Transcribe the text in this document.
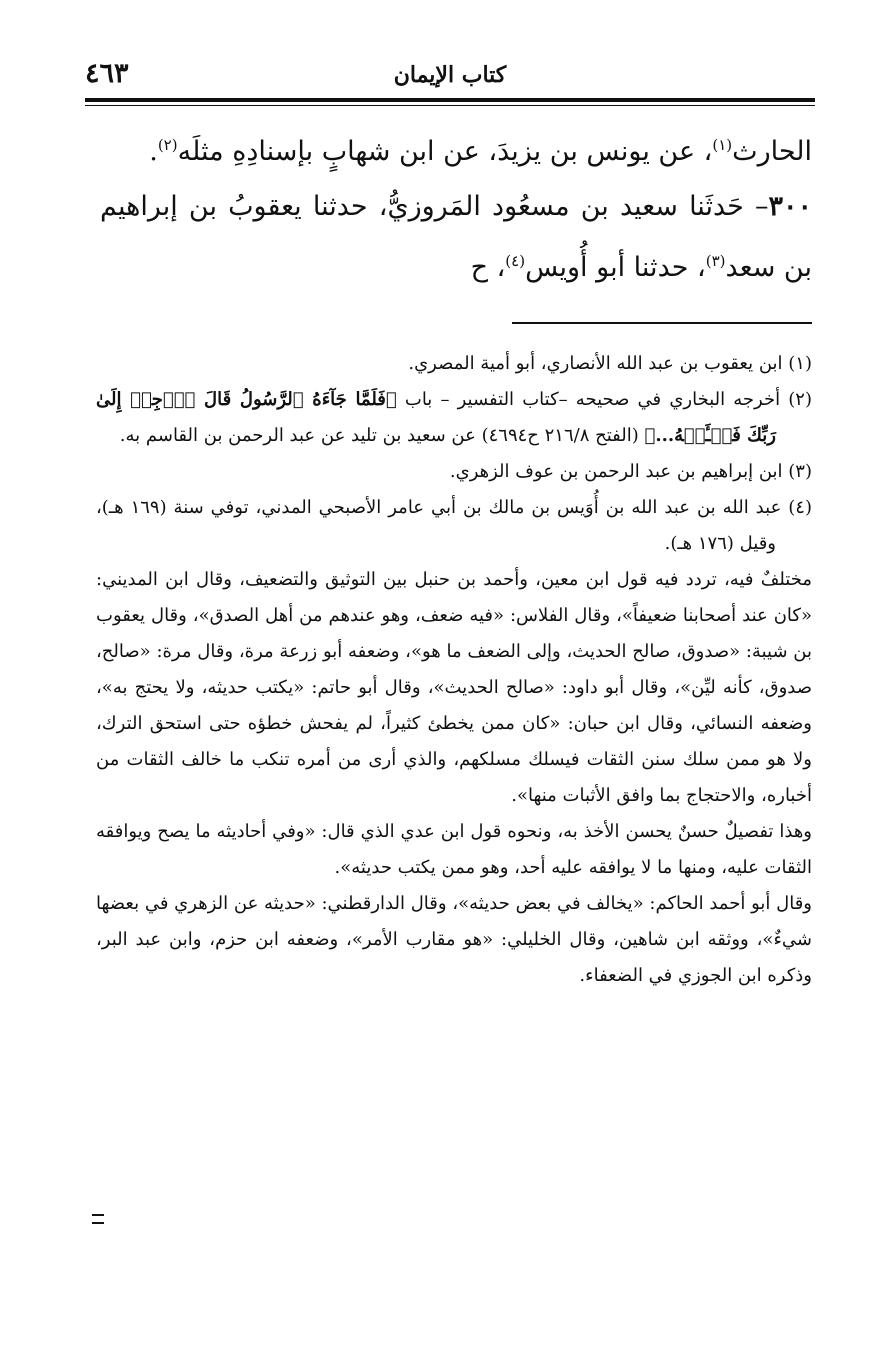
٤٦٣	كتاب الإيمان

الحارث$^{(١)}$، عن يونس بن يزيدَ، عن ابن شهابٍ بإسنادِهِ مثلَه$^{(٢)}$.

٣٠٠– حَدثَنا سعيد بن مسعُود المَروزيُّ، حدثنا يعقوبُ بن إبراهيم بن سعد$^{(٣)}$، حدثنا أبو أُويس$^{(٤)}$، ح

(١) ابن يعقوب بن عبد الله الأنصاري، أبو أمية المصري.

(٢) أخرجه البخاري في صحيحه –كتاب التفسير – باب ﴿فَلَمَّا جَآءَهُ ٱلرَّسُولُ قَالَ ٱرۡجِعۡ إِلَىٰ رَبِّكَ فَسۡـَٔلۡهُ...﴾ (الفتح ٢١٦/٨ ح٤٦٩٤) عن سعيد بن تليد عن عبد الرحمن بن القاسم به.

(٣) ابن إبراهيم بن عبد الرحمن بن عوف الزهري.

(٤) عبد الله بن عبد الله بن أُوَيس بن مالك بن أبي عامر الأصبحي المدني، توفي سنة (١٦٩ هـ)، وقيل (١٧٦ هـ).

مختلفٌ فيه، تردد فيه قول ابن معين، وأحمد بن حنبل بين التوثيق والتضعيف، وقال ابن المديني: «كان عند أصحابنا ضعيفاً»، وقال الفلاس: «فيه ضعف، وهو عندهم من أهل الصدق»، وقال يعقوب بن شيبة: «صدوق، صالح الحديث، وإلى الضعف ما هو»، وضعفه أبو زرعة مرة، وقال مرة: «صالح، صدوق، كأنه ليِّن»، وقال أبو داود: «صالح الحديث»، وقال أبو حاتم: «يكتب حديثه، ولا يحتج به»، وضعفه النسائي، وقال ابن حبان: «كان ممن يخطئ كثيراً، لم يفحش خطؤه حتى استحق الترك، ولا هو ممن سلك سنن الثقات فيسلك مسلكهم، والذي أرى من أمره تنكب ما خالف الثقات من أخباره، والاحتجاج بما وافق الأثبات منها».

وهذا تفصيلٌ حسنٌ يحسن الأخذ به، ونحوه قول ابن عدي الذي قال: «وفي أحاديثه ما يصح ويوافقه الثقات عليه، ومنها ما لا يوافقه عليه أحد، وهو ممن يكتب حديثه».

وقال أبو أحمد الحاكم: «يخالف في بعض حديثه»، وقال الدارقطني: «حديثه عن الزهري في بعضها شيءٌ»، ووثقه ابن شاهين، وقال الخليلي: «هو مقارب الأمر»، وضعفه ابن حزم، وابن عبد البر، وذكره ابن الجوزي في الضعفاء.
